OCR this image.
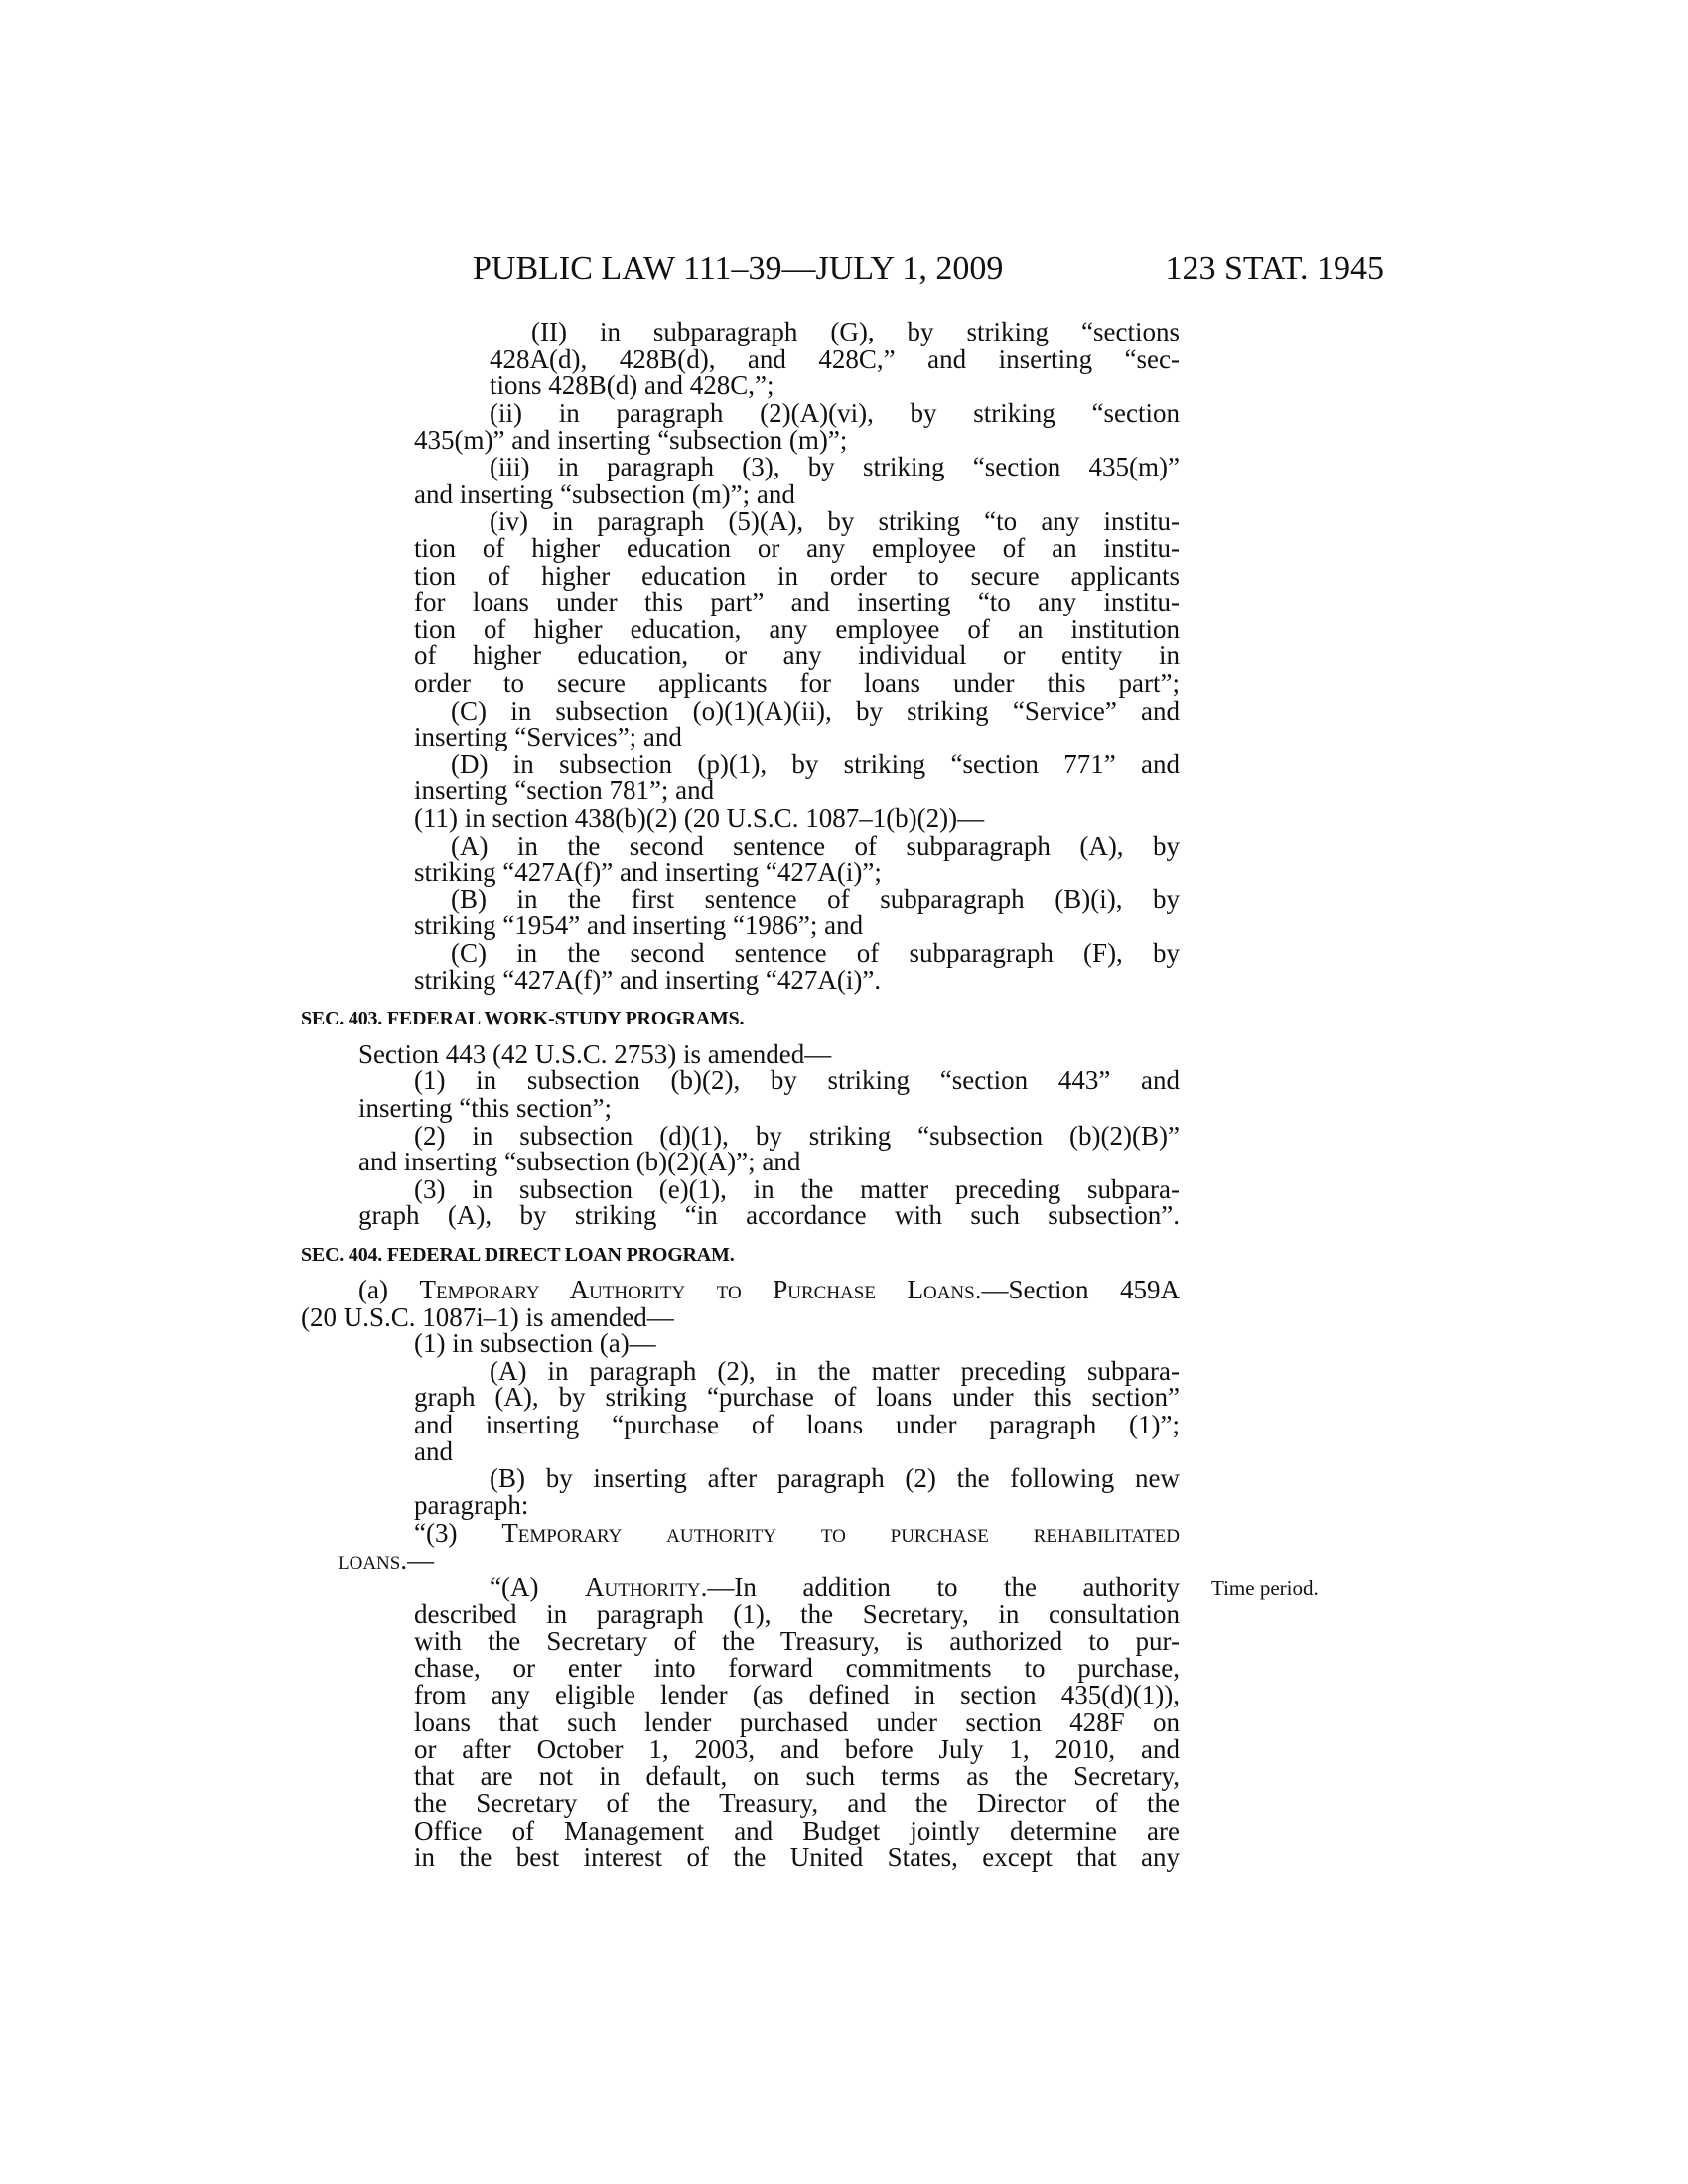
PUBLIC LAW 111–39—JULY 1, 2009	123 STAT. 1945
(II) in subparagraph (G), by striking “sections
428A(d), 428B(d), and 428C,” and inserting “sec-
tions 428B(d) and 428C,”;
(ii) in paragraph (2)(A)(vi), by striking “section
435(m)” and inserting “subsection (m)”;
(iii) in paragraph (3), by striking “section 435(m)”
and inserting “subsection (m)”; and
(iv) in paragraph (5)(A), by striking “to any institu-
tion of higher education or any employee of an institu-
tion of higher education in order to secure applicants
for loans under this part” and inserting “to any institu-
tion of higher education, any employee of an institution
of higher education, or any individual or entity in
order to secure applicants for loans under this part”;
(C) in subsection (o)(1)(A)(ii), by striking “Service” and
inserting “Services”; and
(D) in subsection (p)(1), by striking “section 771” and
inserting “section 781”; and
(11) in section 438(b)(2) (20 U.S.C. 1087–1(b)(2))—
(A) in the second sentence of subparagraph (A), by
striking “427A(f)” and inserting “427A(i)”;
(B) in the first sentence of subparagraph (B)(i), by
striking “1954” and inserting “1986”; and
(C) in the second sentence of subparagraph (F), by
striking “427A(f)” and inserting “427A(i)”.
SEC. 403. FEDERAL WORK-STUDY PROGRAMS.
Section 443 (42 U.S.C. 2753) is amended—
(1) in subsection (b)(2), by striking “section 443” and
inserting “this section”;
(2) in subsection (d)(1), by striking “subsection (b)(2)(B)”
and inserting “subsection (b)(2)(A)”; and
(3) in subsection (e)(1), in the matter preceding subpara-
graph (A), by striking “in accordance with such subsection”.
SEC. 404. FEDERAL DIRECT LOAN PROGRAM.
(a) Temporary Authority to Purchase Loans.—Section 459A
(20 U.S.C. 1087i–1) is amended—
(1) in subsection (a)—
(A) in paragraph (2), in the matter preceding subpara-
graph (A), by striking “purchase of loans under this section”
and inserting “purchase of loans under paragraph (1)”;
and
(B) by inserting after paragraph (2) the following new
paragraph:
“(3) Temporary authority to purchase rehabilitated
loans.—
“(A) Authority.—In addition to the authority
described in paragraph (1), the Secretary, in consultation
with the Secretary of the Treasury, is authorized to pur-
chase, or enter into forward commitments to purchase,
from any eligible lender (as defined in section 435(d)(1)),
loans that such lender purchased under section 428F on
or after October 1, 2003, and before July 1, 2010, and
that are not in default, on such terms as the Secretary,
the Secretary of the Treasury, and the Director of the
Office of Management and Budget jointly determine are
in the best interest of the United States, except that any
Time period.
